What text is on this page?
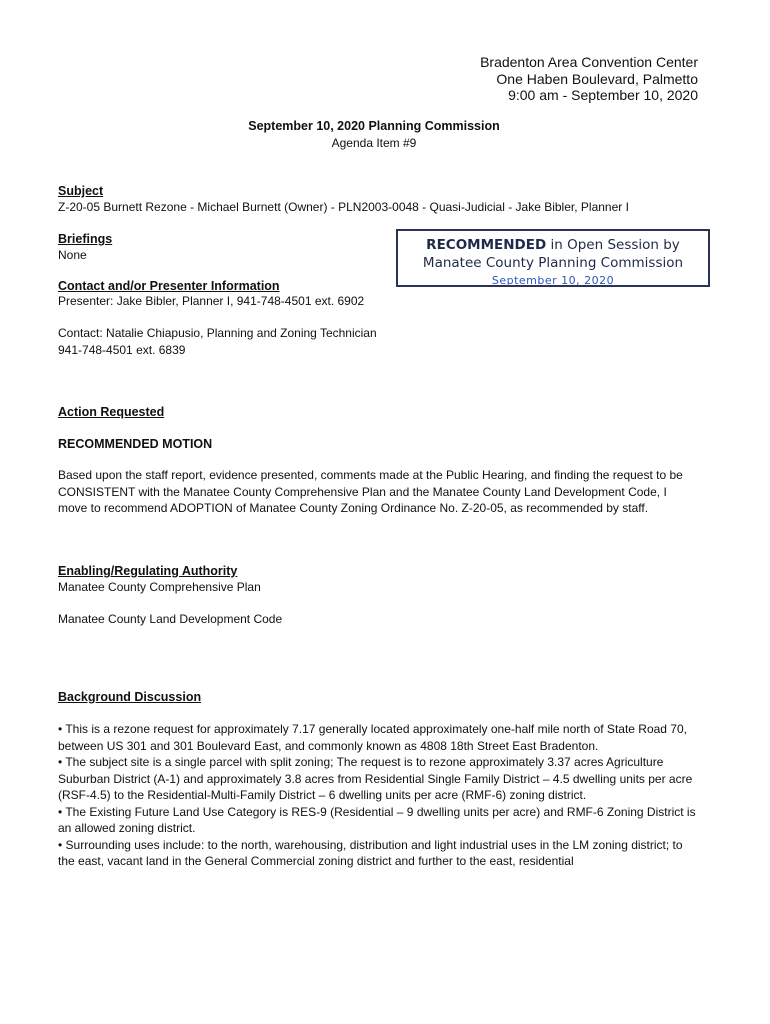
Bradenton Area Convention Center
One Haben Boulevard, Palmetto
9:00 am - September 10, 2020
September 10, 2020 Planning Commission
Agenda Item #9
Subject
Z-20-05 Burnett Rezone - Michael Burnett (Owner) - PLN2003-0048 - Quasi-Judicial - Jake Bibler, Planner I
Briefings
None
Contact and/or Presenter Information
Presenter: Jake Bibler, Planner I, 941-748-4501 ext. 6902
Contact: Natalie Chiapusio, Planning and Zoning Technician
941-748-4501 ext. 6839
RECOMMENDED in Open Session by
Manatee County Planning Commission
September 10, 2020
Action Requested
RECOMMENDED MOTION

Based upon the staff report, evidence presented, comments made at the Public Hearing, and finding the request to be CONSISTENT with the Manatee County Comprehensive Plan and the Manatee County Land Development Code, I move to recommend ADOPTION of Manatee County Zoning Ordinance No. Z-20-05, as recommended by staff.

Enabling/Regulating Authority
Manatee County Comprehensive Plan
Manatee County Land Development Code
Background Discussion

• This is a rezone request for approximately 7.17 generally located approximately one-half mile north of State Road 70, between US 301 and 301 Boulevard East, and commonly known as 4808 18th Street East Bradenton.

• The subject site is a single parcel with split zoning; The request is to rezone approximately 3.37 acres Agriculture Suburban District (A-1) and approximately 3.8 acres from Residential Single Family District – 4.5 dwelling units per acre (RSF-4.5) to the Residential-Multi-Family District – 6 dwelling units per acre (RMF-6) zoning district.

• The Existing Future Land Use Category is RES-9 (Residential – 9 dwelling units per acre) and RMF-6 Zoning District is an allowed zoning district.

• Surrounding uses include: to the north, warehousing, distribution and light industrial uses in the LM zoning district; to the east, vacant land in the General Commercial zoning district and further to the east, residential
